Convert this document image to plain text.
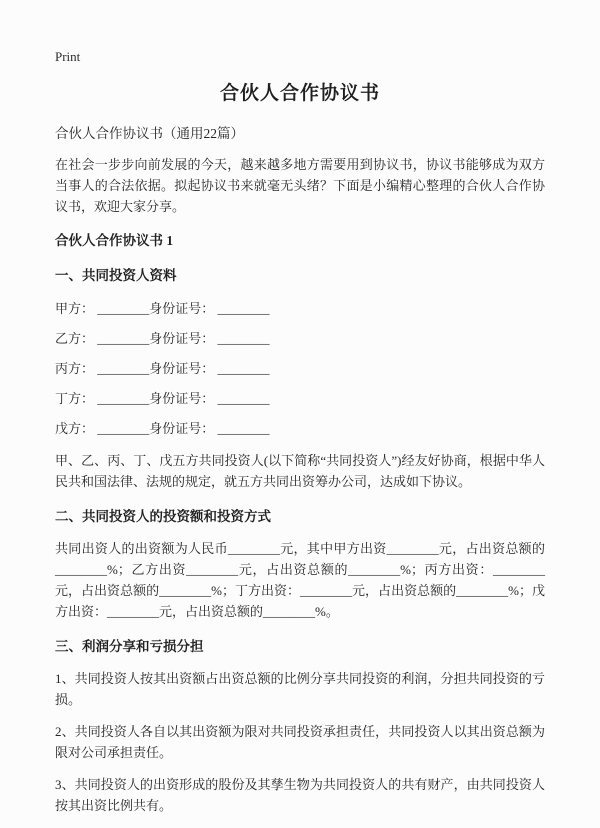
Print
合伙人合作协议书
合伙人合作协议书（通用22篇）

在社会一步步向前发展的今天，越来越多地方需要用到协议书，协议书能够成为双方当事人的合法依据。拟起协议书来就毫无头绪？下面是小编精心整理的合伙人合作协议书，欢迎大家分享。

合伙人合作协议书 1
一、共同投资人资料

甲方： ________身份证号： ________

乙方： ________身份证号： ________

丙方： ________身份证号： ________

丁方： ________身份证号： ________

戊方： ________身份证号： ________

甲、乙、丙、丁、戊五方共同投资人(以下简称“共同投资人”)经友好协商，根据中华人民共和国法律、法规的规定，就五方共同出资筹办公司，达成如下协议。

二、共同投资人的投资额和投资方式

共同出资人的出资额为人民币________元，其中甲方出资________元，占出资总额的________%；乙方出资________元，占出资总额的________%；丙方出资：________元，占出资总额的________%；丁方出资：________元，占出资总额的________%；戊方出资：________元，占出资总额的________%。

三、利润分享和亏损分担

1、共同投资人按其出资额占出资总额的比例分享共同投资的利润，分担共同投资的亏损。

2、共同投资人各自以其出资额为限对共同投资承担责任，共同投资人以其出资总额为限对公司承担责任。

3、共同投资人的出资形成的股份及其孳生物为共同投资人的共有财产，由共同投资人按其出资比例共有。
